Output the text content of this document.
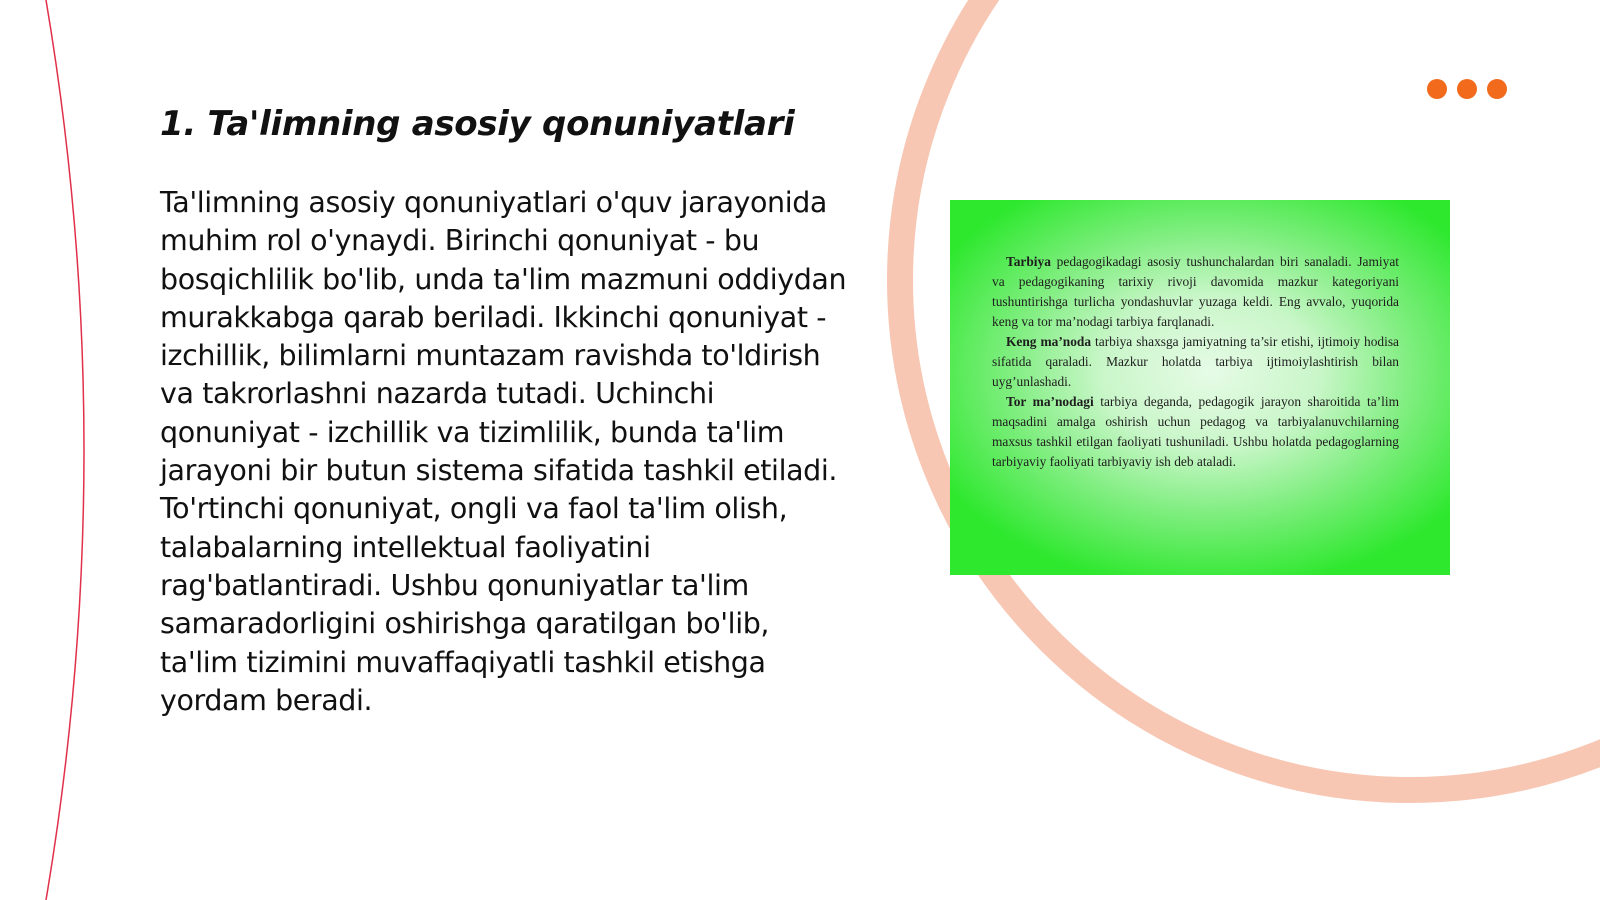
1. Ta'limning asosiy qonuniyatlari

Ta'limning asosiy qonuniyatlari o'quv jarayonida muhim rol o'ynaydi. Birinchi qonuniyat - bu bosqichlilik bo'lib, unda ta'lim mazmuni oddiydan murakkabga qarab beriladi. Ikkinchi qonuniyat - izchillik, bilimlarni muntazam ravishda to'ldirish va takrorlashni nazarda tutadi. Uchinchi qonuniyat - izchillik va tizimlilik, bunda ta'lim jarayoni bir butun sistema sifatida tashkil etiladi. To'rtinchi qonuniyat, ongli va faol ta'lim olish, talabalarning intellektual faoliyatini rag'batlantiradi. Ushbu qonuniyatlar ta'lim samaradorligini oshirishga qaratilgan bo'lib, ta'lim tizimini muvaffaqiyatli tashkil etishga yordam beradi.

Tarbiya pedagogikadagi asosiy tushunchalardan biri sanaladi. Jamiyat va pedagogikaning tarixiy rivoji davomida mazkur kategoriyani tushuntirishga turlicha yondashuvlar yuzaga keldi. Eng avvalo, yuqorida keng va tor ma’nodagi tarbiya farqlanadi.

Keng ma’noda tarbiya shaxsga jamiyatning ta’sir etishi, ijtimoiy hodisa sifatida qaraladi. Mazkur holatda tarbiya ijtimoiylashtirish bilan uyg’unlashadi.

Tor ma’nodagi tarbiya deganda, pedagogik jarayon sharoitida ta’lim maqsadini amalga oshirish uchun pedagog va tarbiyalanuvchilarning maxsus tashkil etilgan faoliyati tushuniladi. Ushbu holatda pedagoglarning tarbiyaviy faoliyati tarbiyaviy ish deb ataladi.
